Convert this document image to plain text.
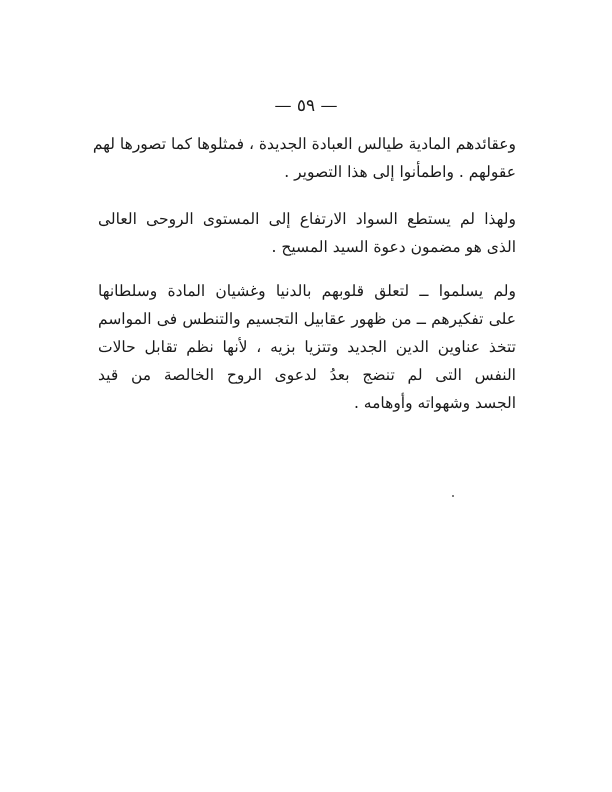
— ٥٩ —
وعقائدهم المادية طيالس العبادة الجديدة ، فمثلوها كما تصورها لهم
عقولهم . واطمأنوا إلى هذا التصوير .
ولهذا لم يستطع السواد الارتفاع إلى المستوى الروحى العالى
الذى هو مضمون دعوة السيد المسيح .
ولم يسلموا ــ لتعلق قلوبهم بالدنيا وغشيان المادة وسلطانها
على تفكيرهم ــ من ظهور عقابيل التجسيم والتنطس فى المواسم
تتخذ عناوين الدين الجديد وتتزيا بزيه ، لأنها نظم تقابل حالات
النفس التى لم تنضج بعدُ لدعوى الروح الخالصة من قيد
الجسد وشهواته وأوهامه .
